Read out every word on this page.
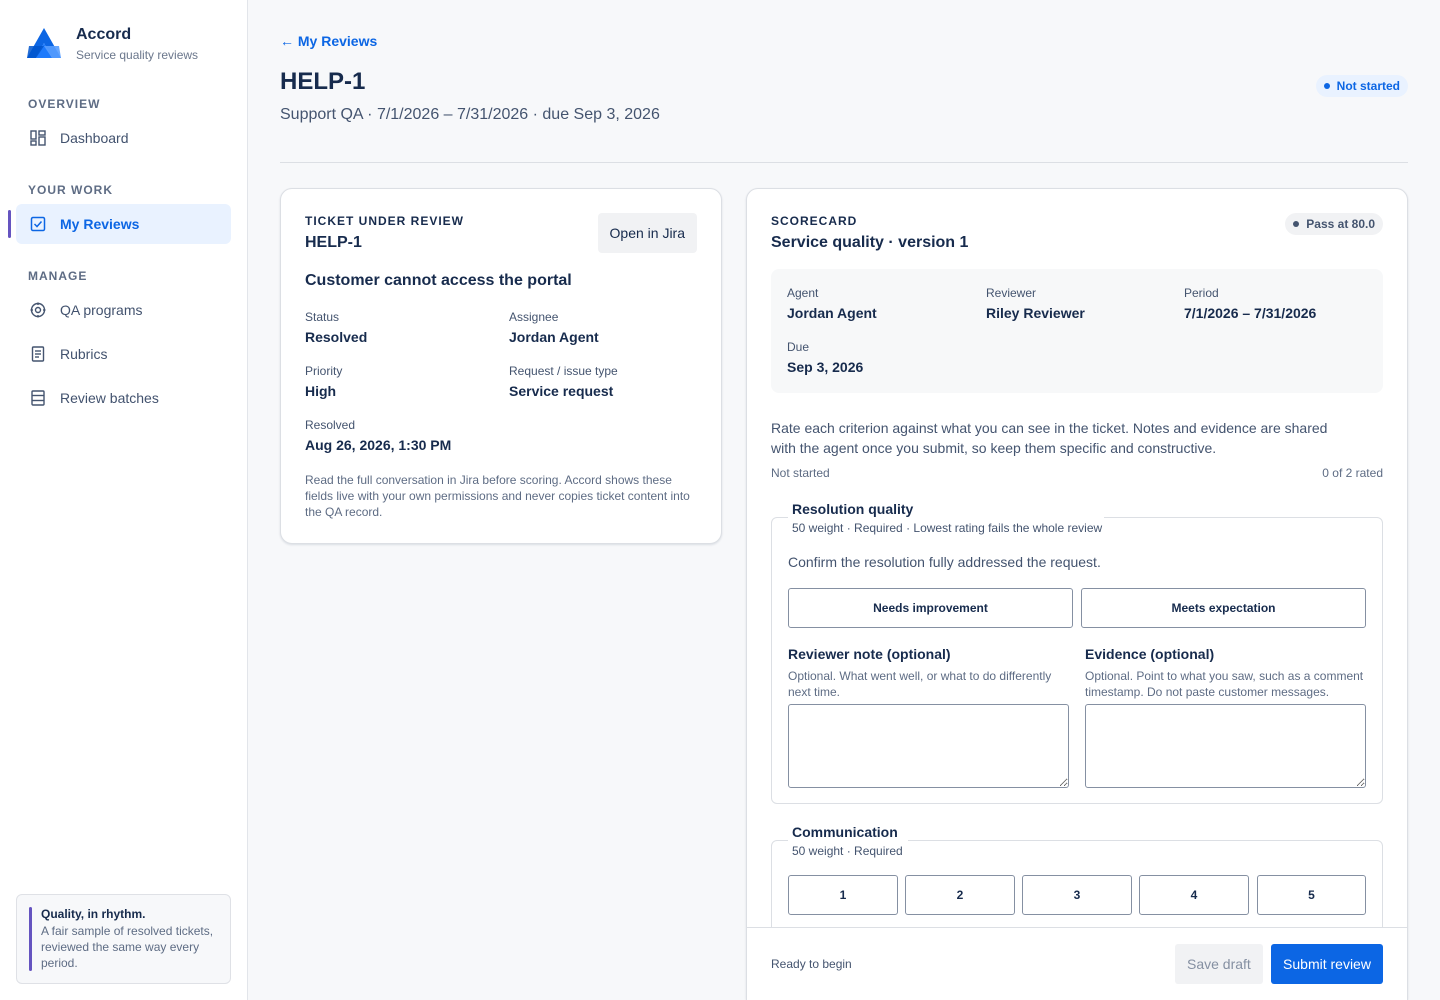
Accord
Service quality reviews
OVERVIEW
Dashboard
YOUR WORK
My Reviews
MANAGE
QA programs
Rubrics
Review batches
Quality, in rhythm.
A fair sample of resolved tickets, reviewed the same way every period.
← My Reviews
HELP-1
Support QA · 7/1/2026 – 7/31/2026 · due Sep 3, 2026
Not started
TICKET UNDER REVIEW
HELP-1
Open in Jira
Customer cannot access the portal
Status
Resolved
Assignee
Jordan Agent
Priority
High
Request / issue type
Service request
Resolved
Aug 26, 2026, 1:30 PM
Read the full conversation in Jira before scoring. Accord shows these fields live with your own permissions and never copies ticket content into the QA record.
SCORECARD
Service quality · version 1
Pass at 80.0
Agent
Jordan Agent
Reviewer
Riley Reviewer
Period
7/1/2026 – 7/31/2026
Due
Sep 3, 2026
Rate each criterion against what you can see in the ticket. Notes and evidence are shared with the agent once you submit, so keep them specific and constructive.
Not started	0 of 2 rated
Resolution quality
50 weight · Required · Lowest rating fails the whole review
Confirm the resolution fully addressed the request.
Needs improvement	Meets expectation
Reviewer note (optional)
Optional. What went well, or what to do differently next time.
Evidence (optional)
Optional. Point to what you saw, such as a comment timestamp. Do not paste customer messages.
Communication
50 weight · Required
1	2	3	4	5
Ready to begin	Save draft	Submit review
